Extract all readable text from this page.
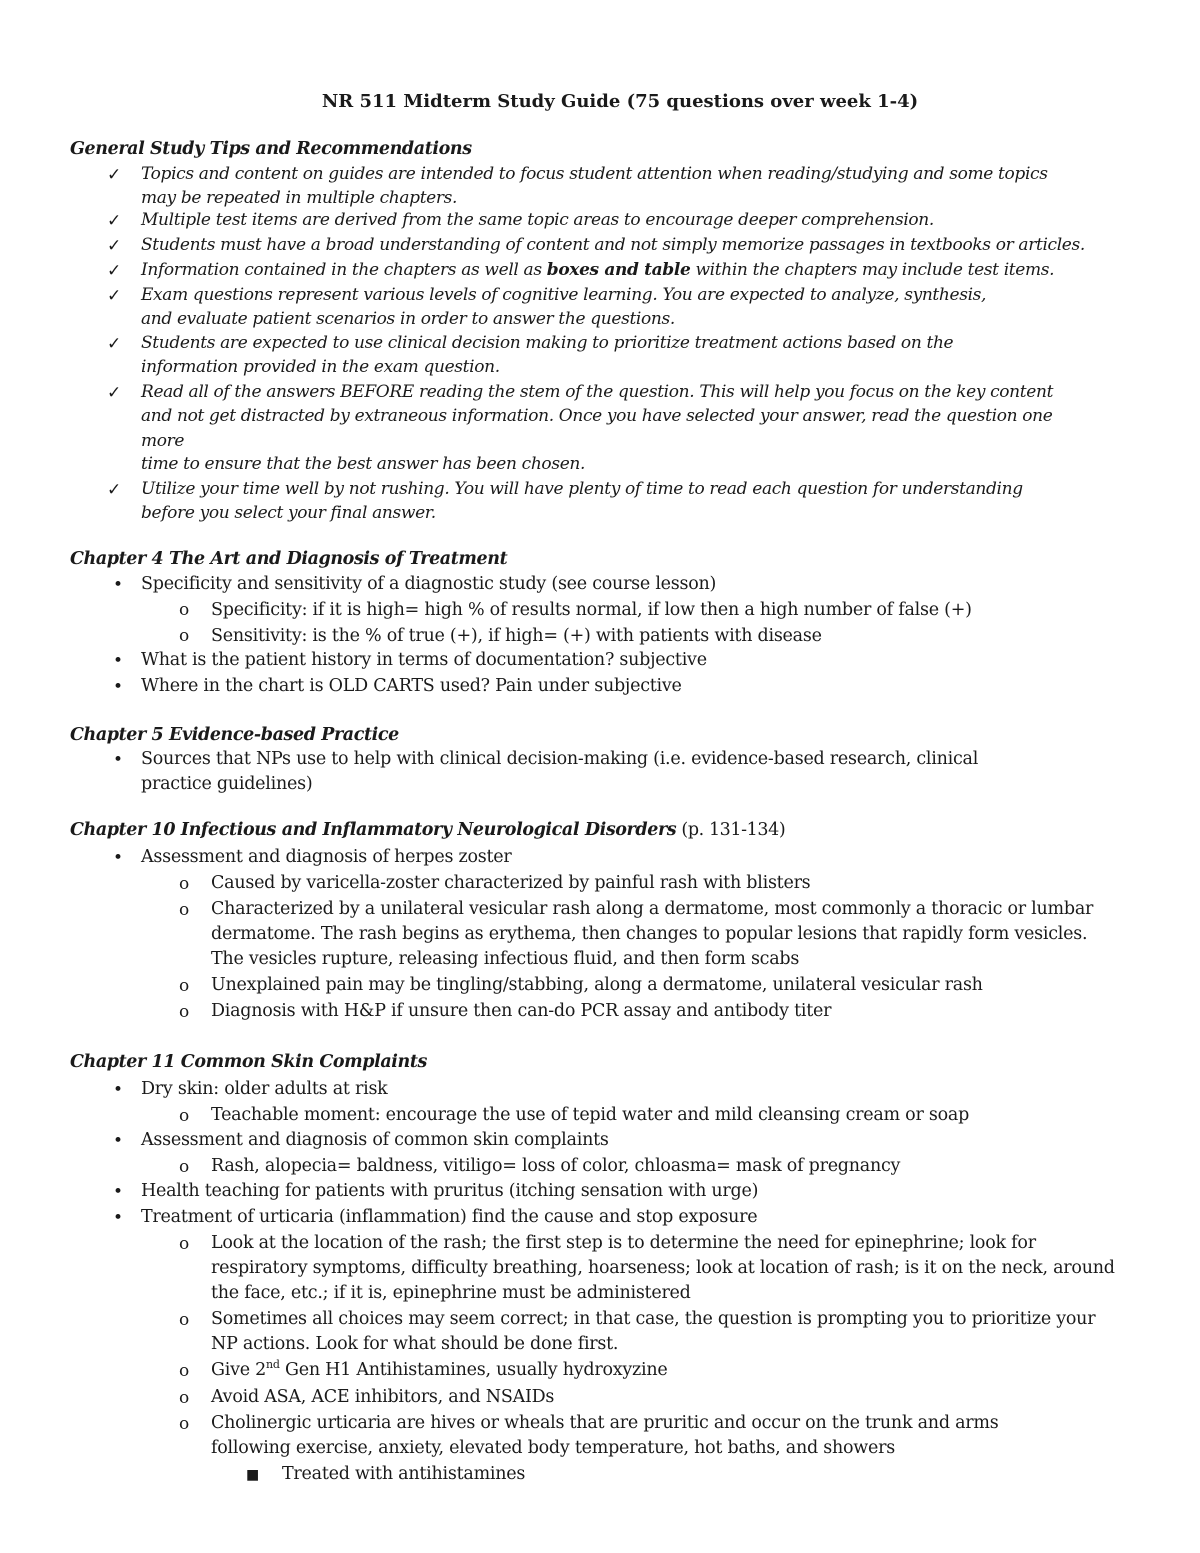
NR 511 Midterm Study Guide (75 questions over week 1-4)
General Study Tips and Recommendations
✓ Topics and content on guides are intended to focus student attention when reading/studying and some topics
may be repeated in multiple chapters.
✓ Multiple test items are derived from the same topic areas to encourage deeper comprehension.
✓ Students must have a broad understanding of content and not simply memorize passages in textbooks or articles.
✓ Information contained in the chapters as well as boxes and table within the chapters may include test items.
✓ Exam questions represent various levels of cognitive learning. You are expected to analyze, synthesis,
and evaluate patient scenarios in order to answer the questions.
✓ Students are expected to use clinical decision making to prioritize treatment actions based on the
information provided in the exam question.
✓ Read all of the answers BEFORE reading the stem of the question. This will help you focus on the key content
and not get distracted by extraneous information. Once you have selected your answer, read the question one
more
time to ensure that the best answer has been chosen.
✓ Utilize your time well by not rushing. You will have plenty of time to read each question for understanding
before you select your final answer.
Chapter 4 The Art and Diagnosis of Treatment
• Specificity and sensitivity of a diagnostic study (see course lesson)
o Specificity: if it is high= high % of results normal, if low then a high number of false (+)
o Sensitivity: is the % of true (+), if high= (+) with patients with disease
• What is the patient history in terms of documentation? subjective
• Where in the chart is OLD CARTS used? Pain under subjective
Chapter 5 Evidence-based Practice
• Sources that NPs use to help with clinical decision-making (i.e. evidence-based research, clinical
practice guidelines)
Chapter 10 Infectious and Inflammatory Neurological Disorders (p. 131-134)
• Assessment and diagnosis of herpes zoster
o Caused by varicella-zoster characterized by painful rash with blisters
o Characterized by a unilateral vesicular rash along a dermatome, most commonly a thoracic or lumbar
dermatome. The rash begins as erythema, then changes to popular lesions that rapidly form vesicles.
The vesicles rupture, releasing infectious fluid, and then form scabs
o Unexplained pain may be tingling/stabbing, along a dermatome, unilateral vesicular rash
o Diagnosis with H&P if unsure then can-do PCR assay and antibody titer
Chapter 11 Common Skin Complaints
• Dry skin: older adults at risk
o Teachable moment: encourage the use of tepid water and mild cleansing cream or soap
• Assessment and diagnosis of common skin complaints
o Rash, alopecia= baldness, vitiligo= loss of color, chloasma= mask of pregnancy
• Health teaching for patients with pruritus (itching sensation with urge)
• Treatment of urticaria (inflammation) find the cause and stop exposure
o Look at the location of the rash; the first step is to determine the need for epinephrine; look for
respiratory symptoms, difficulty breathing, hoarseness; look at location of rash; is it on the neck, around
the face, etc.; if it is, epinephrine must be administered
o Sometimes all choices may seem correct; in that case, the question is prompting you to prioritize your
NP actions. Look for what should be done first.
o Give 2nd Gen H1 Antihistamines, usually hydroxyzine
o Avoid ASA, ACE inhibitors, and NSAIDs
o Cholinergic urticaria are hives or wheals that are pruritic and occur on the trunk and arms
following exercise, anxiety, elevated body temperature, hot baths, and showers
■ Treated with antihistamines
